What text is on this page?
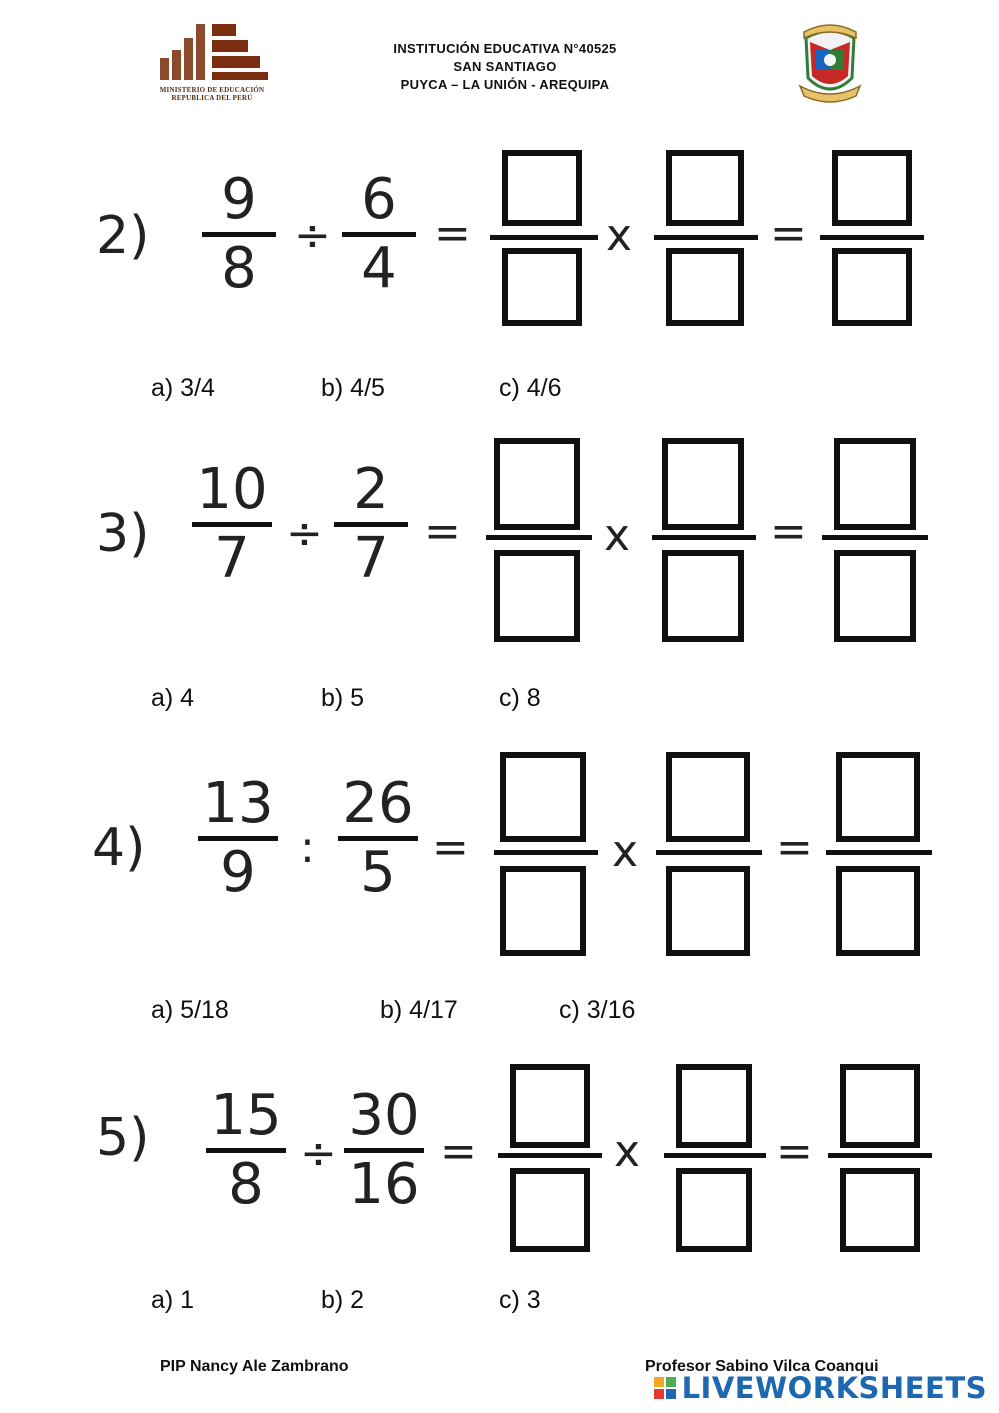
MINISTERIO DE EDUCACIÓN
REPUBLICA DEL PERÚ
INSTITUCIÓN EDUCATIVA N°40525
SAN SANTIAGO
PUYCA – LA UNIÓN - AREQUIPA
2)
9
8
÷
6
4
=	x	=
a) 3/4	b) 4/5	c) 4/6
3)
10
7 ÷
2
7 =	x	=
a) 4	b) 5	c) 8
4)
13
9	:
26
5 =	x	=
a) 5/18	b) 4/17	c) 3/16
5) 15
8 ÷
30
16
=	x	=
a) 1	b) 2	c) 3
PIP Nancy Ale Zambrano	Profesor Sabino Vilca Coanqui
LIVEWORKSHEETS
